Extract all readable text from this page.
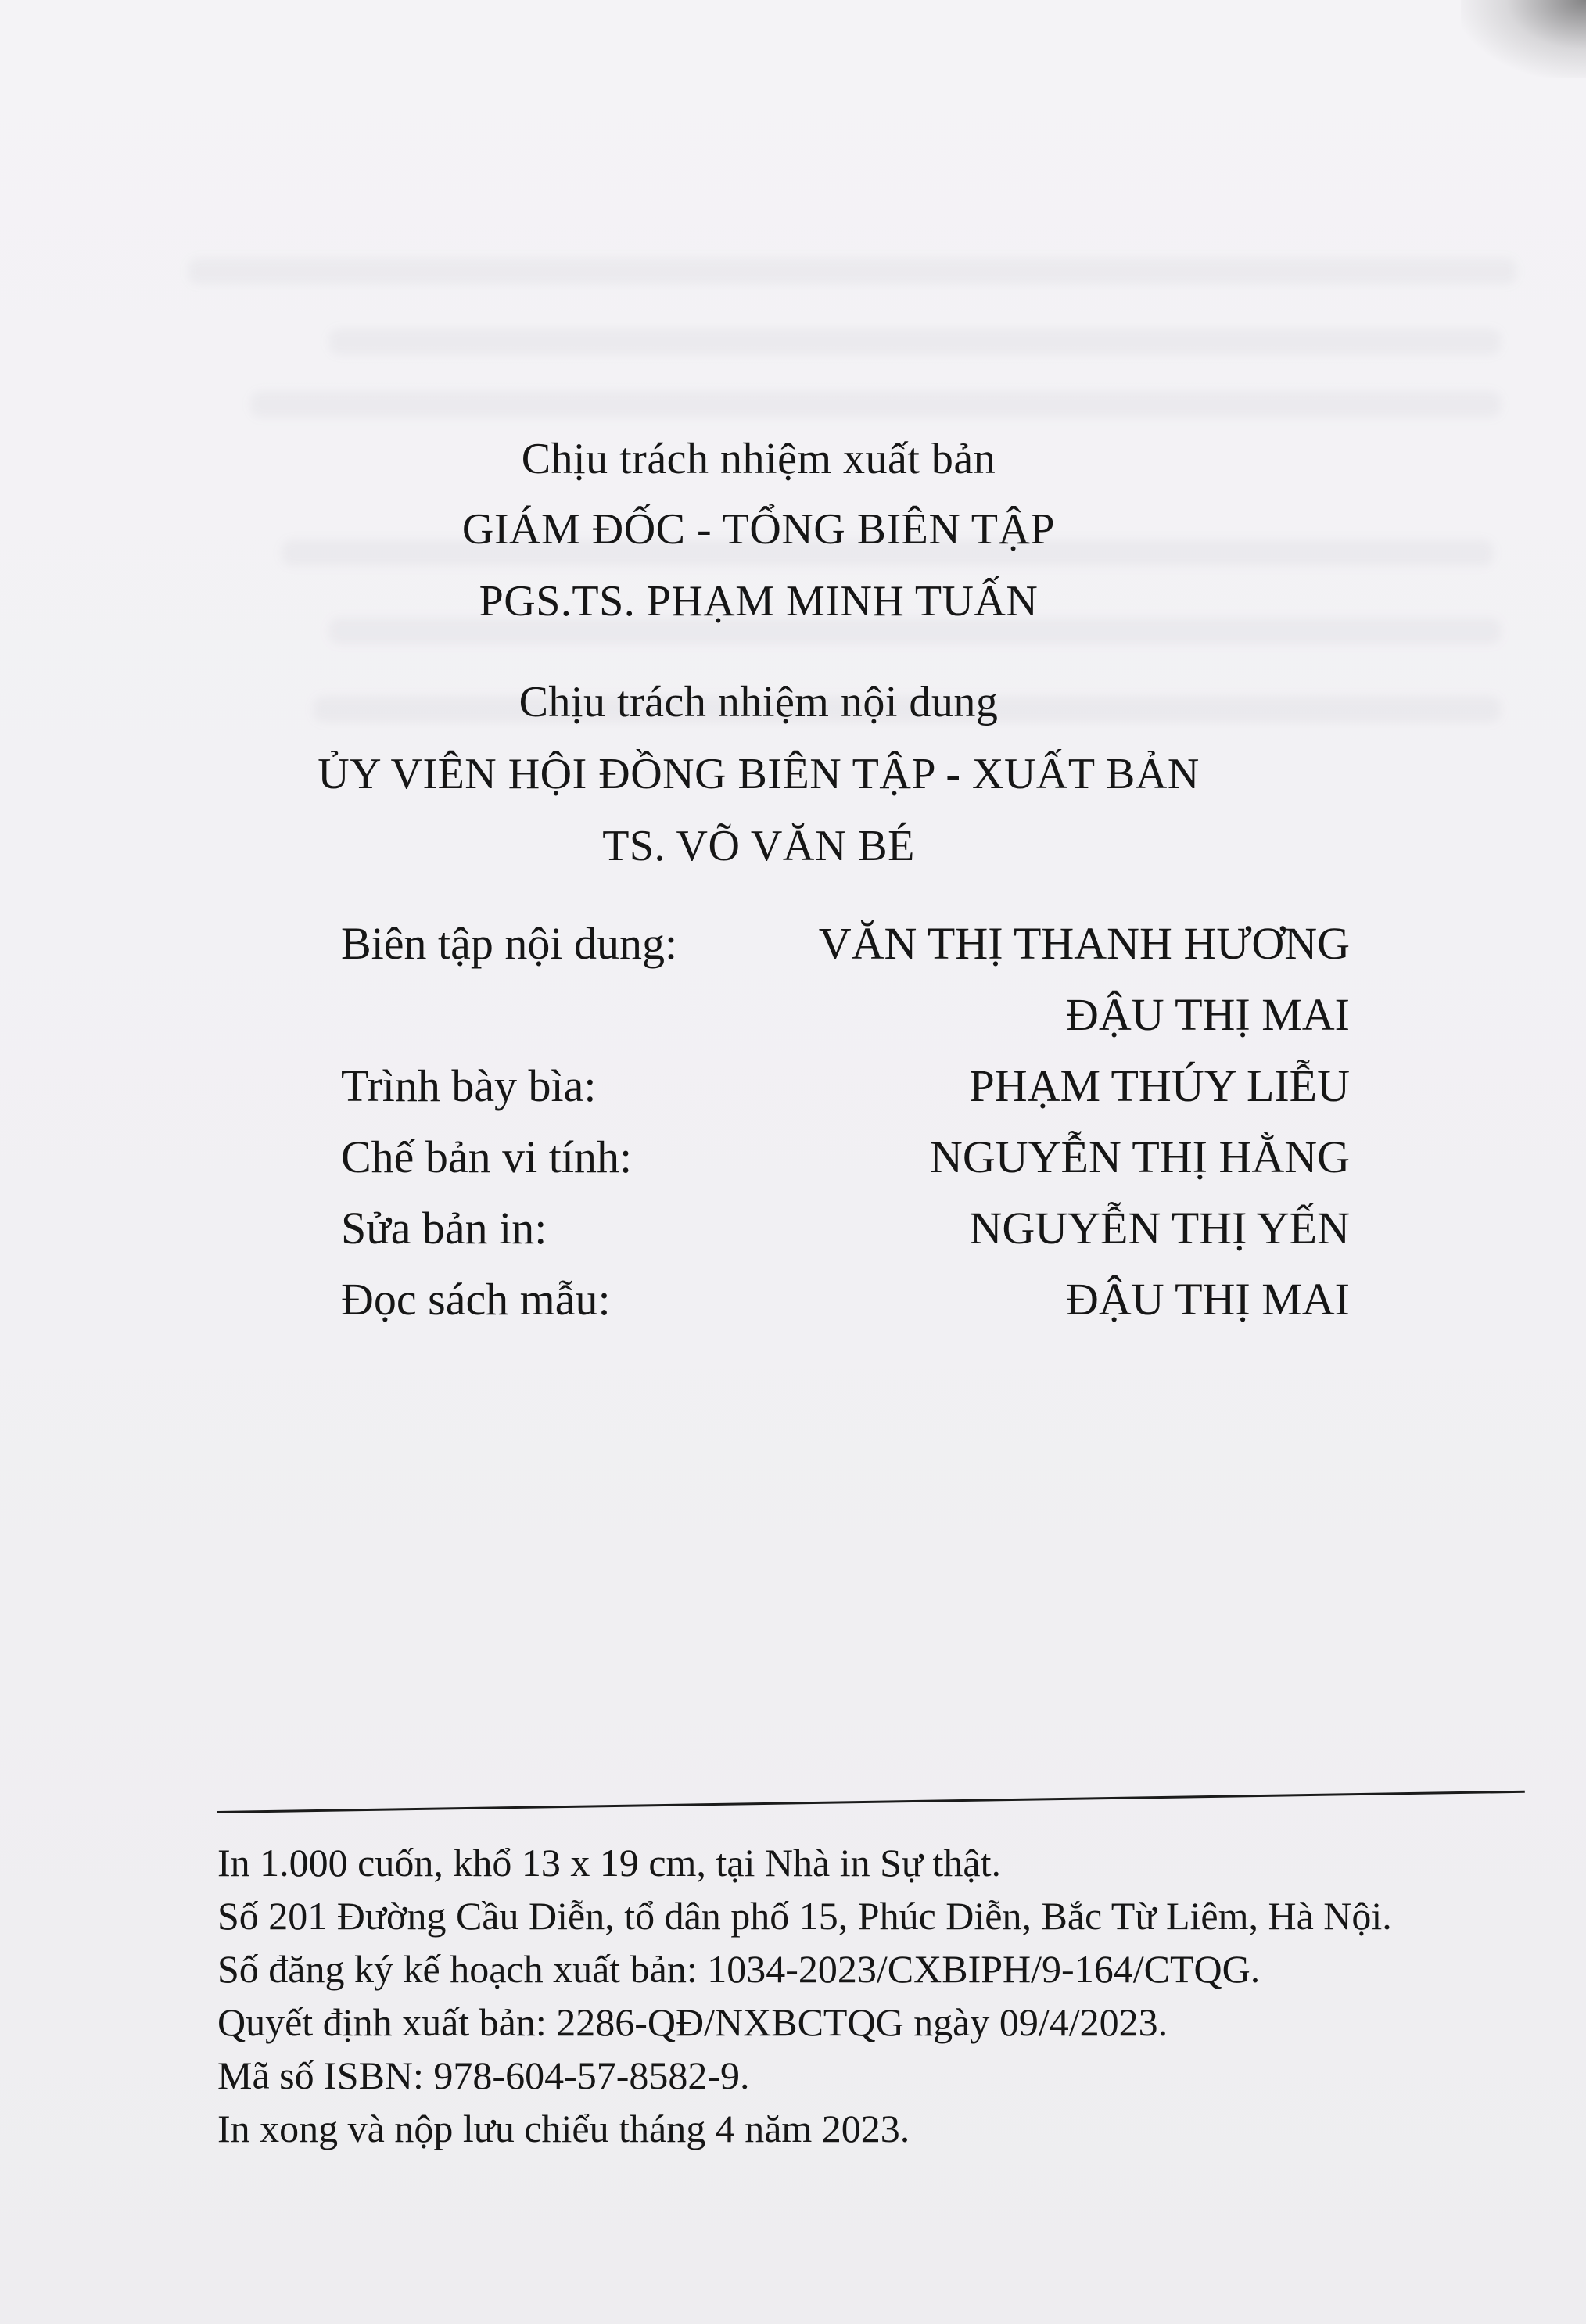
Chịu trách nhiệm xuất bản
GIÁM ĐỐC - TỔNG BIÊN TẬP
PGS.TS. PHẠM MINH TUẤN
Chịu trách nhiệm nội dung
ỦY VIÊN HỘI ĐỒNG BIÊN TẬP - XUẤT BẢN
TS. VÕ VĂN BÉ
Biên tập nội dung:	VĂN THỊ THANH HƯƠNG
ĐẬU THỊ MAI
Trình bày bìa:	PHẠM THÚY LIỄU
Chế bản vi tính:	NGUYỄN THỊ HẰNG
Sửa bản in:	NGUYỄN THỊ YẾN
Đọc sách mẫu:	ĐẬU THỊ MAI
In 1.000 cuốn, khổ 13 x 19 cm, tại Nhà in Sự thật.
Số 201 Đường Cầu Diễn, tổ dân phố 15, Phúc Diễn, Bắc Từ Liêm, Hà Nội.
Số đăng ký kế hoạch xuất bản: 1034-2023/CXBIPH/9-164/CTQG.
Quyết định xuất bản: 2286-QĐ/NXBCTQG ngày 09/4/2023.
Mã số ISBN: 978-604-57-8582-9.
In xong và nộp lưu chiểu tháng 4 năm 2023.
